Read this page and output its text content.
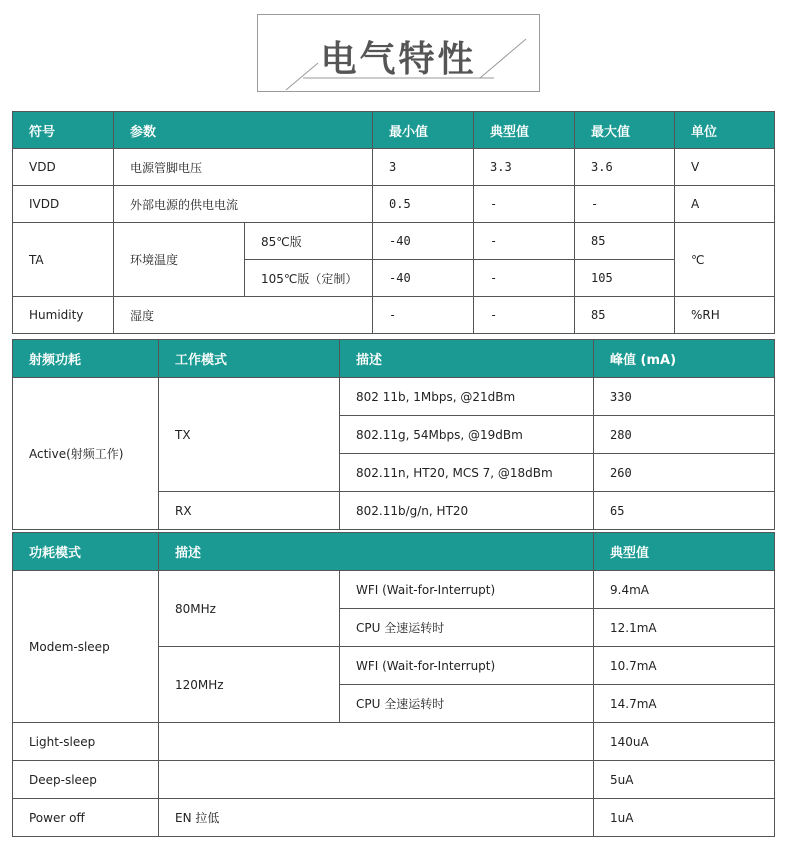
电气特性
符号	参数		最小值	典型值	最大值	单位
VDD	电源管脚电压		3	3.3	3.6	V
IVDD	外部电源的供电电流		0.5	-	-	A
TA	环境温度	85℃版	-40	-	85	℃
		105℃版（定制）	-40	-	105	
Humidity	湿度		-	-	85	%RH
射频功耗	工作模式	描述	峰值 (mA)
Active(射频工作)	TX	802 11b, 1Mbps, @21dBm	330
		802.11g, 54Mbps, @19dBm	280
		802.11n, HT20, MCS 7, @18dBm	260
	RX	802.11b/g/n, HT20	65
功耗模式	描述		典型值
Modem-sleep	80MHz	WFI (Wait-for-Interrupt)	9.4mA
		CPU 全速运转时	12.1mA
	120MHz	WFI (Wait-for-Interrupt)	10.7mA
		CPU 全速运转时	14.7mA
Light-sleep			140uA
Deep-sleep			5uA
Power off	EN 拉低		1uA
